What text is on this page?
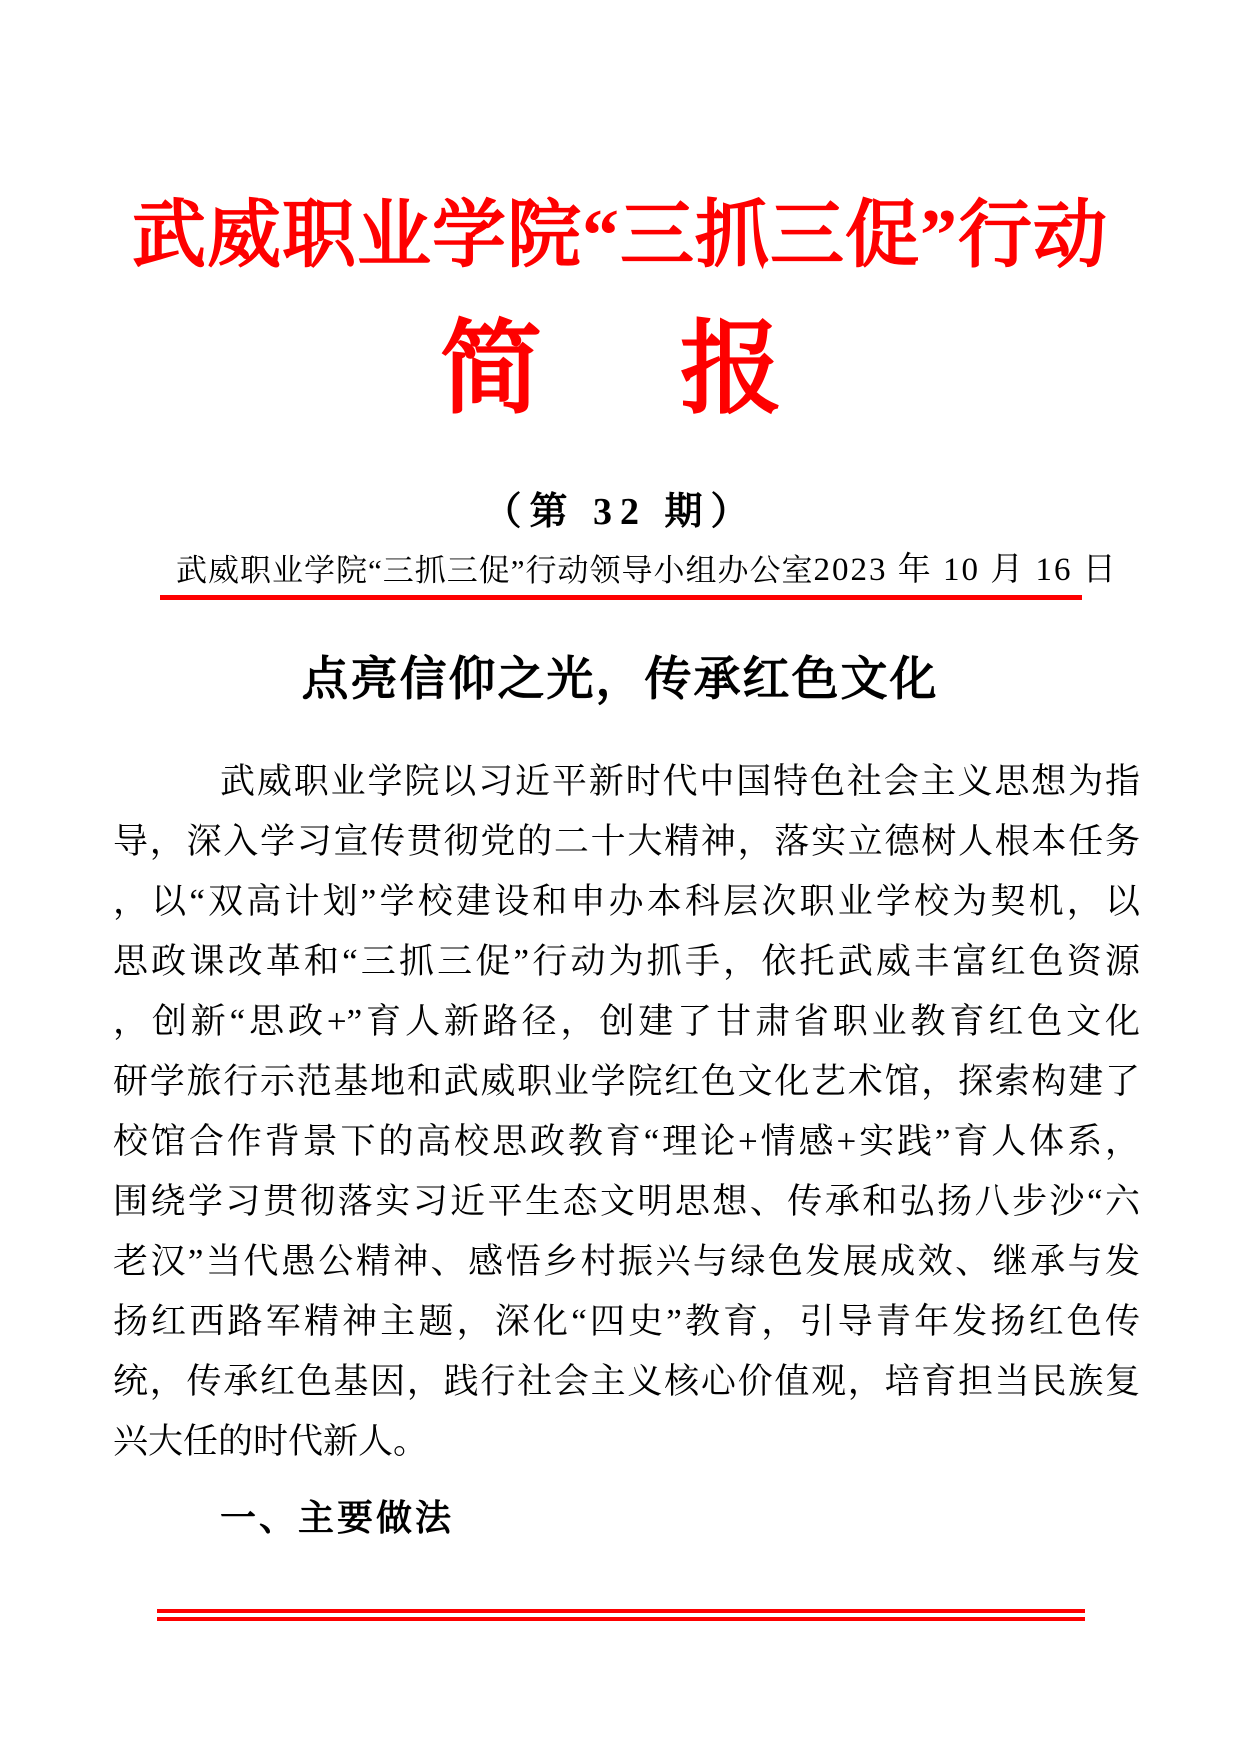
武威职业学院“三抓三促”行动
简　报
（第 32 期）
武威职业学院“三抓三促”行动领导小组办公室 2023 年 10 月 16 日
点亮信仰之光，传承红色文化
武威职业学院以习近平新时代中国特色社会主义思想为指
导，深入学习宣传贯彻党的二十大精神，落实立德树人根本任务
，以“双高计划”学校建设和申办本科层次职业学校为契机，以
思政课改革和“三抓三促”行动为抓手，依托武威丰富红色资源
，创新“思政+”育人新路径，创建了甘肃省职业教育红色文化
研学旅行示范基地和武威职业学院红色文化艺术馆，探索构建了
校馆合作背景下的高校思政教育“理论+情感+实践”育人体系，
围绕学习贯彻落实习近平生态文明思想、传承和弘扬八步沙“六
老汉”当代愚公精神、感悟乡村振兴与绿色发展成效、继承与发
扬红西路军精神主题，深化“四史”教育，引导青年发扬红色传
统，传承红色基因，践行社会主义核心价值观，培育担当民族复
兴大任的时代新人。
一、主要做法
